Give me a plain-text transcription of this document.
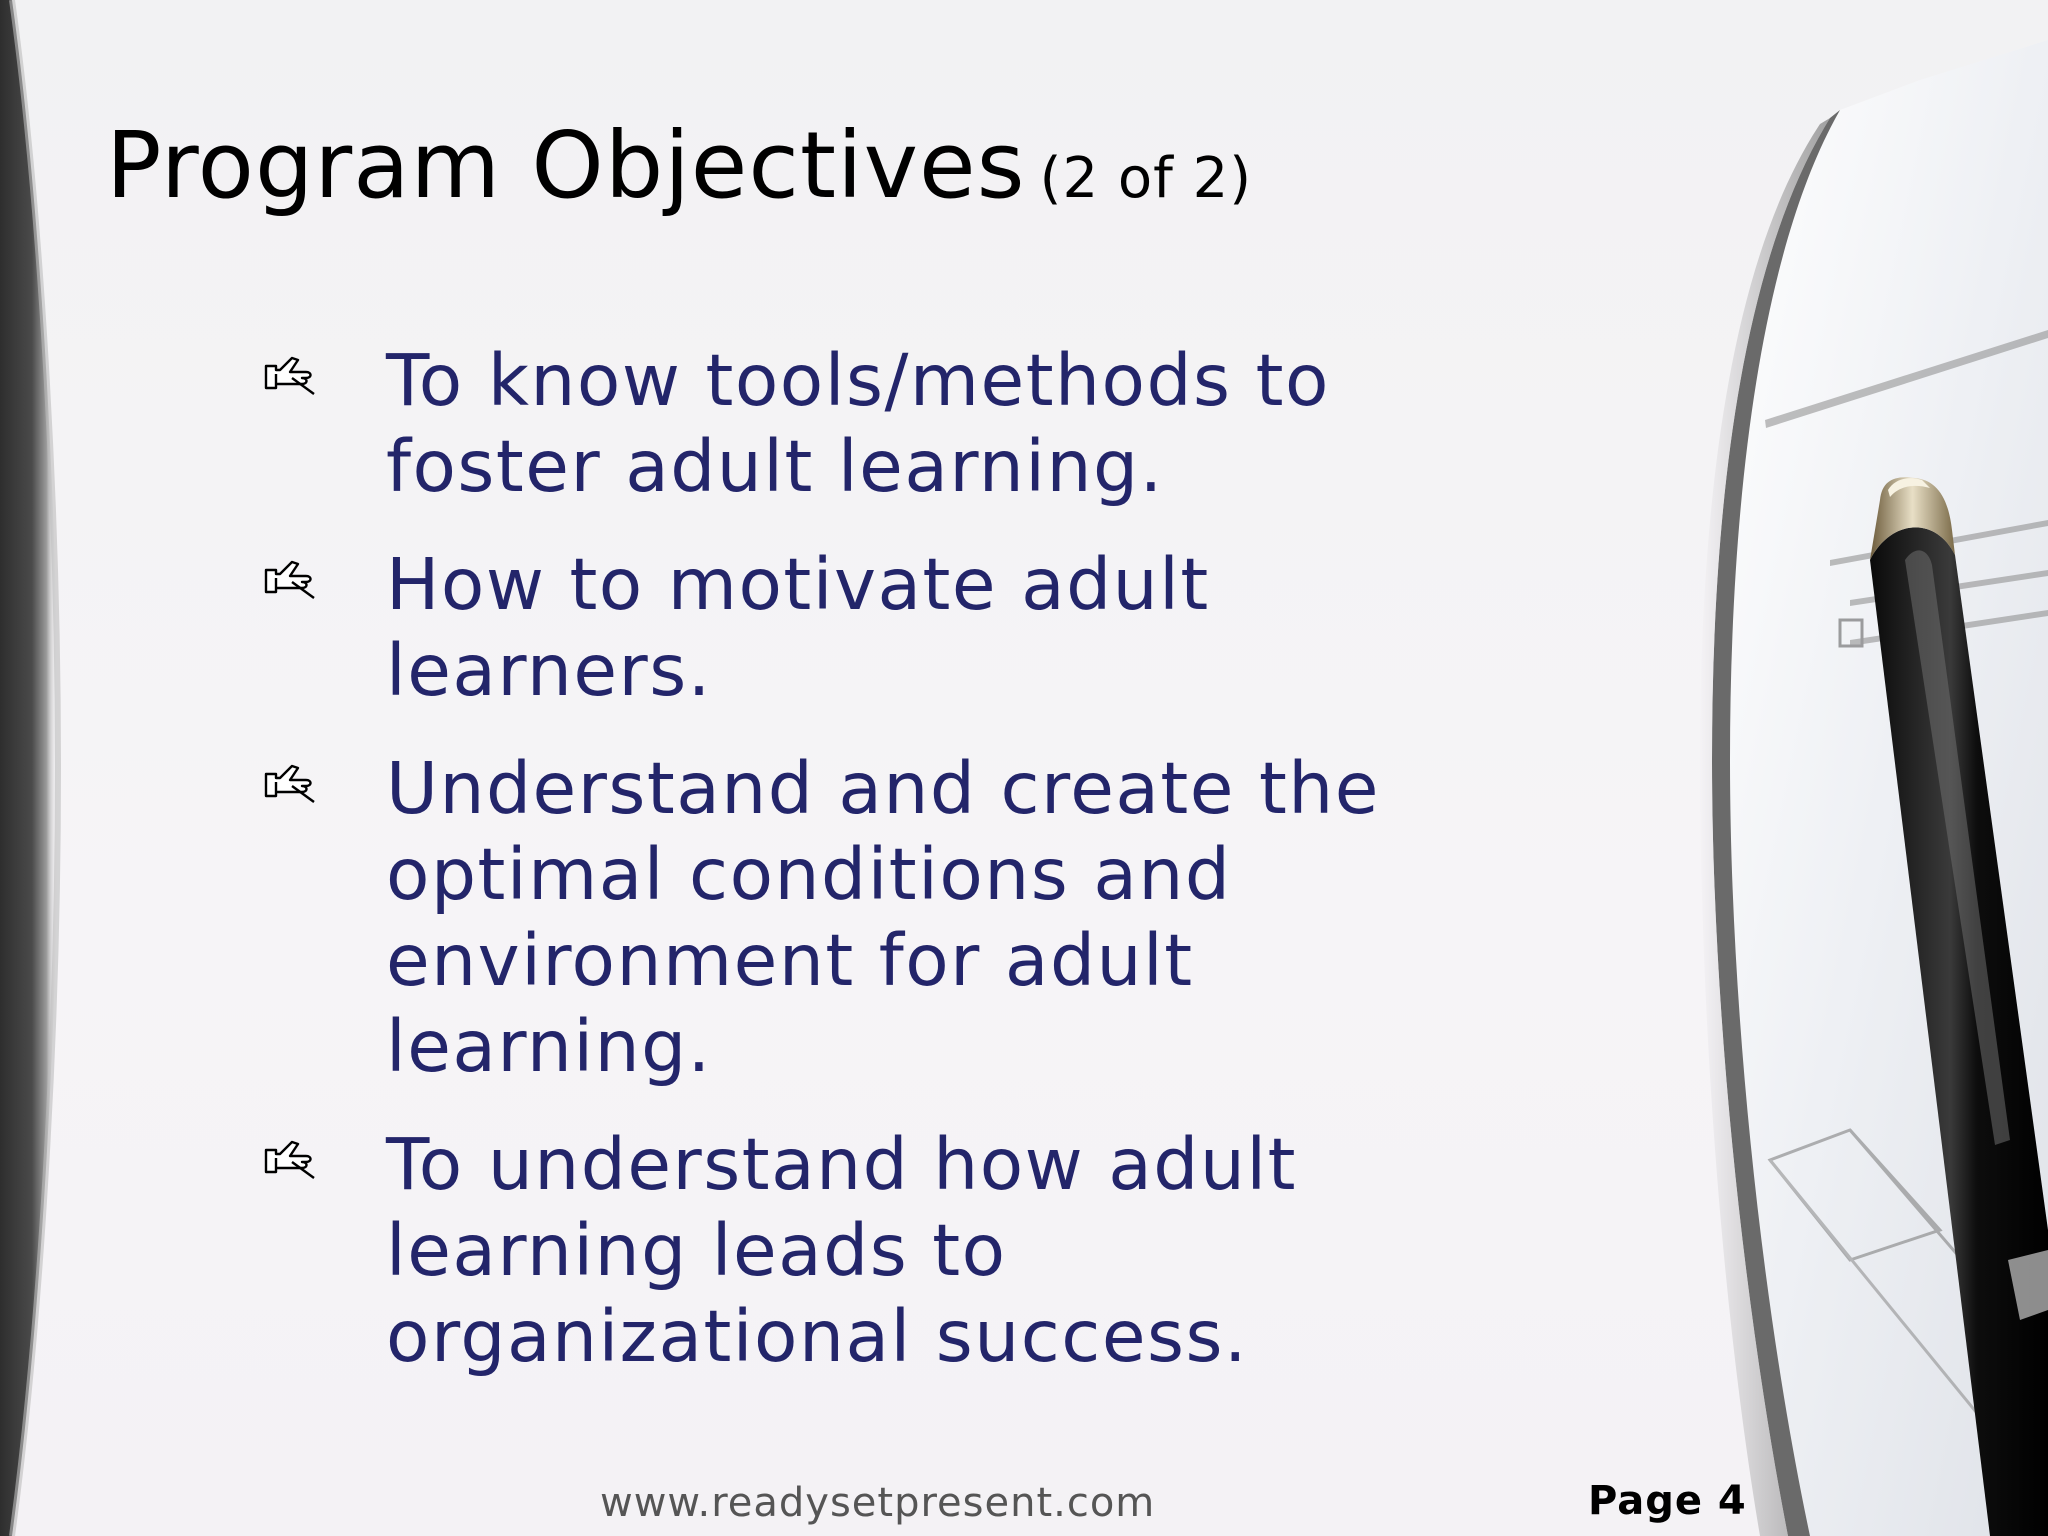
Program Objectives (2 of 2)
To know tools/methods to foster adult learning.
How to motivate adult learners.
Understand and create the optimal conditions and environment for adult learning.
To understand how adult learning leads to organizational success.
www.readysetpresent.com	Page 4
